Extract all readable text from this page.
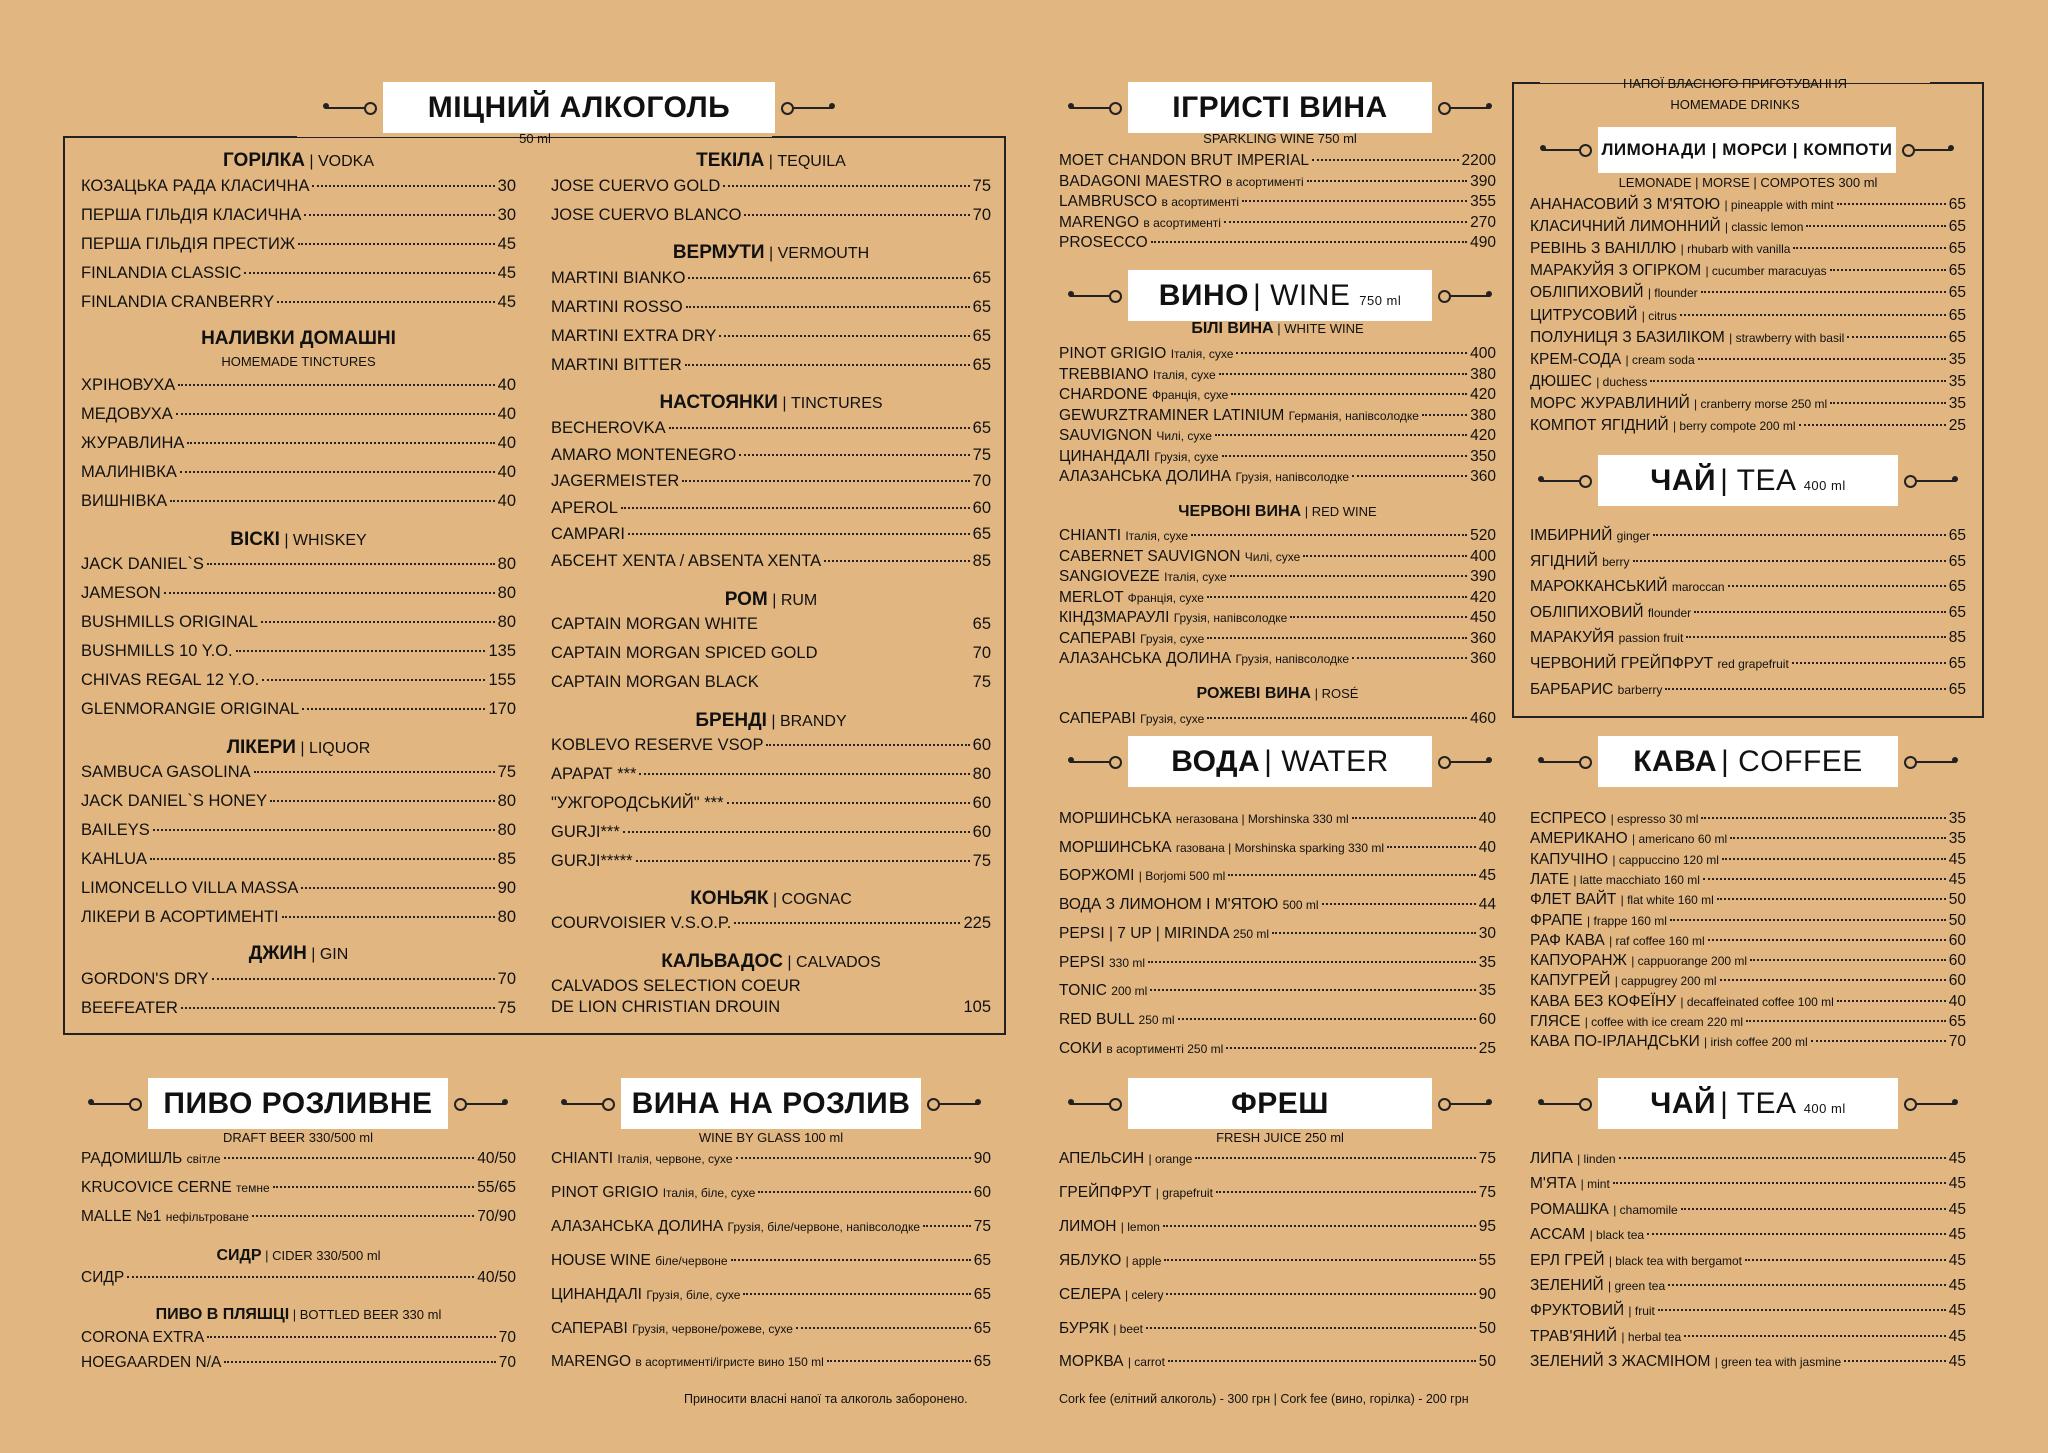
МІЦНИЙ АЛКОГОЛЬ
50 ml
ГОРІЛКА | VODKA
КОЗАЦЬКА РАДА КЛАСИЧНА	30
ПЕРША ГІЛЬДІЯ КЛАСИЧНА	30
ПЕРША ГІЛЬДІЯ ПРЕСТИЖ	45
FINLANDIA CLASSIC	45
FINLANDIA CRANBERRY	45
НАЛИВКИ ДОМАШНІ
HOMEMADE TINCTURES
ХРІНОВУХА	40
МЕДОВУХА	40
ЖУРАВЛИНА	40
МАЛИНІВКА	40
ВИШНІВКА	40
ВІСКІ | WHISKEY
JACK DANIEL`S	80
JAMESON	80
BUSHMILLS ORIGINAL	80
BUSHMILLS 10 Y.O.	135
CHIVAS REGAL 12 Y.O.	155
GLENMORANGIE ORIGINAL	170
ЛІКЕРИ | LIQUOR
SAMBUCA GASOLINA	75
JACK DANIEL`S HONEY	80
BAILEYS	80
KAHLUA	85
LIMONCELLO VILLA MASSA	90
ЛІКЕРИ В АСОРТИМЕНТІ	80
ДЖИН | GIN
GORDON'S DRY	70
BEEFEATER	75
ТЕКІЛА | TEQUILA
JOSE CUERVO GOLD	75
JOSE CUERVO BLANCO	70
ВЕРМУТИ | VERMOUTH
MARTINI BIANKO	65
MARTINI ROSSO	65
MARTINI EXTRA DRY	65
MARTINI BITTER	65
НАСТОЯНКИ | TINCTURES
BECHEROVKA	65
AMARO MONTENEGRO	75
JAGERMEISTER	70
APEROL	60
CAMPARI	65
АБСЕНТ XENTA / ABSENTA XENTA	85
РОМ | RUM
CAPTAIN MORGAN WHITE	65
CAPTAIN MORGAN SPICED GOLD	70
CAPTAIN MORGAN BLACK	75
БРЕНДІ | BRANDY
KOBLEVO RESERVE VSOP	60
АРАРАТ ***	80
"УЖГОРОДСЬКИЙ" ***	60
GURJI***	60
GURJI*****	75
КОНЬЯК | COGNAC
COURVOISIER V.S.O.P.	225
КАЛЬВАДОС | CALVADOS
CALVADOS SELECTION COEUR
DE LION CHRISTIAN DROUIN	105
ІГРИСТІ ВИНА
SPARKLING WINE 750 ml
MOET CHANDON BRUT IMPERIAL	2200
BADAGONI MAESTRO в асортименті	390
LAMBRUSCO в асортименті	355
MARENGO в асортименті	270
PROSECCO	490
ВИНО | WINE 750 ml
БІЛІ ВИНА | WHITE WINE
PINOT GRIGIO Італія, сухе	400
TREBBIANO Італія, сухе	380
CHARDONE Франція, сухе	420
GEWURZTRAMINER LATINIUM Германія, напівсолодке	380
SAUVIGNON Чилі, сухе	420
ЦИНАНДАЛІ Грузія, сухе	350
АЛАЗАНСЬКА ДОЛИНА Грузія, напівсолодке	360
ЧЕРВОНІ ВИНА | RED WINE
CHIANTI Італія, сухе	520
CABERNET SAUVIGNON Чилі, сухе	400
SANGIOVEZE Італія, сухе	390
MERLOT Франція, сухе	420
КІНДЗМАРАУЛІ Грузія, напівсолодке	450
САПЕРАВІ Грузія, сухе	360
АЛАЗАНСЬКА ДОЛИНА Грузія, напівсолодке	360
РОЖЕВІ ВИНА | ROSÉ
САПЕРАВІ Грузія, сухе	460
НАПОЇ ВЛАСНОГО ПРИГОТУВАННЯ
HOMEMADE DRINKS
ЛИМОНАДИ | МОРСИ | КОМПОТИ
LEMONADE | MORSE | COMPOTES 300 ml
АНАНАСОВИЙ З М'ЯТОЮ | pineapple with mint	65
КЛАСИЧНИЙ ЛИМОННИЙ | classic lemon	65
РЕВІНЬ З ВАНІЛЛЮ | rhubarb with vanilla	65
МАРАКУЙЯ З ОГІРКОМ | cucumber maracuyas	65
ОБЛІПИХОВИЙ | flounder	65
ЦИТРУСОВИЙ | citrus	65
ПОЛУНИЦЯ З БАЗИЛІКОМ | strawberry with basil	65
КРЕМ-СОДА | cream soda	35
ДЮШЕС | duchess	35
МОРС ЖУРАВЛИНИЙ | cranberry morse 250 ml	35
КОМПОТ ЯГІДНИЙ | berry compote 200 ml	25
ЧАЙ | TEA 400 ml
ІМБИРНИЙ ginger	65
ЯГІДНИЙ berry	65
МАРОККАНСЬКИЙ maroccan	65
ОБЛІПИХОВИЙ flounder	65
МАРАКУЙЯ passion fruit	85
ЧЕРВОНИЙ ГРЕЙПФРУТ red grapefruit	65
БАРБАРИС barberry	65
ВОДА | WATER
МОРШИНСЬКА негазована | Morshinska 330 ml	40
МОРШИНСЬКА газована | Morshinska sparking 330 ml	40
БОРЖОМІ | Borjomi 500 ml	45
ВОДА З ЛИМОНОМ І М'ЯТОЮ 500 ml	44
PEPSI | 7 UP | MIRINDA 250 ml	30
PEPSI 330 ml	35
TONIC 200 ml	35
RED BULL 250 ml	60
СОКИ в асортименті 250 ml	25
КАВА | COFFEE
ЕСПРЕСО | espresso 30 ml	35
АМЕРИКАНО | americano 60 ml	35
КАПУЧІНО | cappuccino 120 ml	45
ЛАТЕ | latte macchiato 160 ml	45
ФЛЕТ ВАЙТ | flat white 160 ml	50
ФРАПЕ | frappe 160 ml	50
РАФ КАВА | raf coffee 160 ml	60
КАПУОРАНЖ | cappuorange 200 ml	60
КАПУГРЕЙ | cappugrey 200 ml	60
КАВА БЕЗ КОФЕЇНУ | decaffeinated coffee 100 ml	40
ГЛЯСЕ | coffee with ice cream 220 ml	65
КАВА ПО-ІРЛАНДСЬКИ | irish coffee 200 ml	70
ПИВО РОЗЛИВНЕ
DRAFT BEER 330/500 ml
РАДОМИШЛЬ світле	40/50
KRUCOVICE CERNE темне	55/65
MALLE №1 нефільтроване	70/90
СИДР | CIDER 330/500 ml
СИДР	40/50
ПИВО В ПЛЯШЦІ | BOTTLED BEER 330 ml
CORONA EXTRA	70
HOEGAARDEN N/A	70
ВИНА НА РОЗЛИВ
WINE BY GLASS 100 ml
CHIANTI Італія, червоне, сухе	90
PINOT GRIGIO Італія, біле, сухе	60
АЛАЗАНСЬКА ДОЛИНА Грузія, біле/червоне, напівсолодке	75
HOUSE WINE біле/червоне	65
ЦИНАНДАЛІ Грузія, біле, сухе	65
САПЕРАВІ Грузія, червоне/рожеве, сухе	65
MARENGO в асортименті/ігристе вино 150 ml	65
Приносити власні напої та алкоголь заборонено.
ФРЕШ
FRESH JUICE 250 ml
АПЕЛЬСИН | orange	75
ГРЕЙПФРУТ | grapefruit	75
ЛИМОН | lemon	95
ЯБЛУКО | apple	55
СЕЛЕРА | celery	90
БУРЯК | beet	50
МОРКВА | carrot	50
Cork fee (елітний алкоголь) - 300 грн | Cork fee (вино, горілка) - 200 грн
ЧАЙ | TEA 400 ml
ЛИПА | linden	45
М'ЯТА | mint	45
РОМАШКА | chamomile	45
АССАМ | black tea	45
ЕРЛ ГРЕЙ | black tea with bergamot	45
ЗЕЛЕНИЙ | green tea	45
ФРУКТОВИЙ | fruit	45
ТРАВ'ЯНИЙ | herbal tea	45
ЗЕЛЕНИЙ З ЖАСМІНОМ | green tea with jasmine	45
